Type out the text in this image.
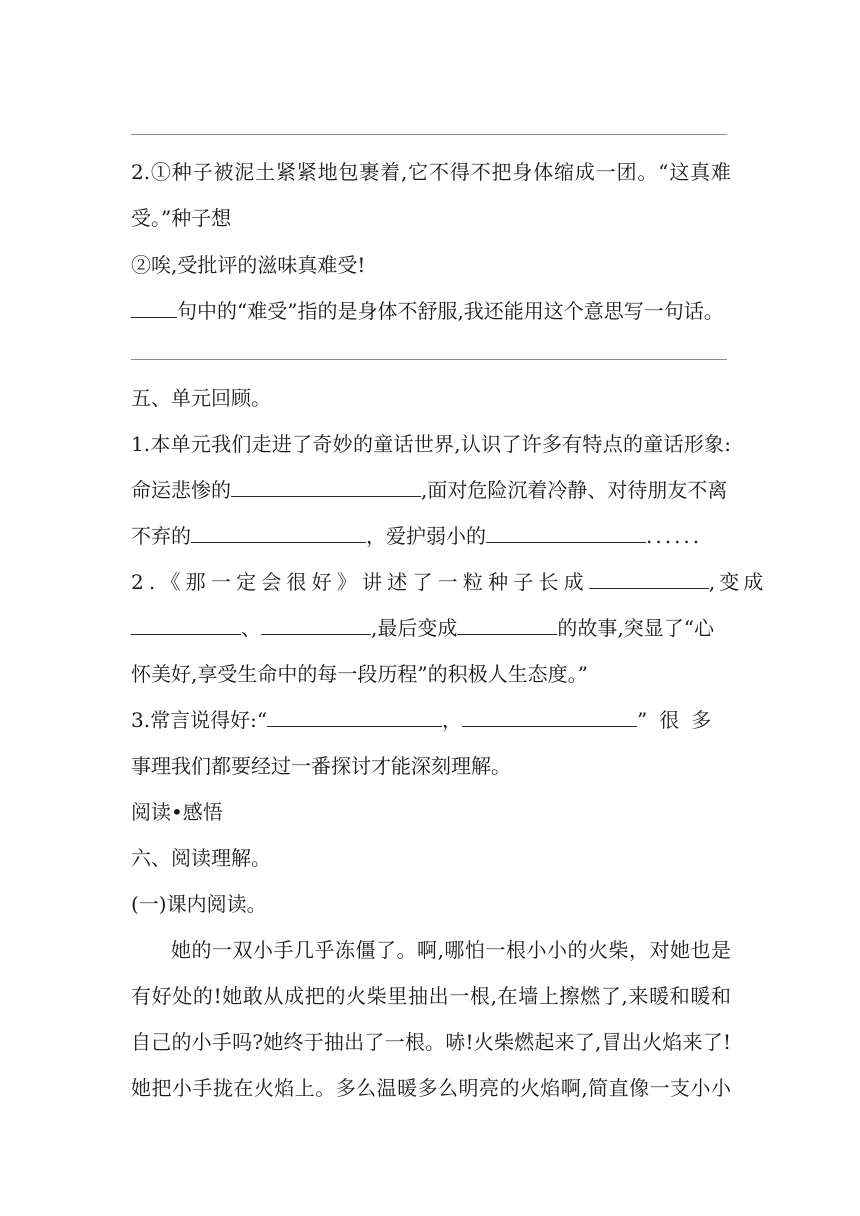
2.①种子被泥土紧紧地包裹着,它不得不把身体缩成一团。“这真难
受。”种子想
②唉,受批评的滋味真难受!
句中的“难受”指的是身体不舒服,我还能用这个意思写一句话。
五、单元回顾。
1.本单元我们走进了奇妙的童话世界,认识了许多有特点的童话形象:
命运悲惨的	,面对危险沉着冷静、对待朋友不离
不弃的	，爱护弱小的	......
2.《那一定会很好》讲述了一粒种子长成	,变成
、	,最后变成	的故事,突显了“心
怀美好,享受生命中的每一段历程”的积极人生态度。”
3.常言说得好:“	，	”很多
事理我们都要经过一番探讨才能深刻理解。
阅读•感悟
六、阅读理解。
(一)课内阅读。
她的一双小手几乎冻僵了。啊,哪怕一根小小的火柴，对她也是
有好处的!她敢从成把的火柴里抽出一根,在墙上擦燃了,来暖和暖和
自己的小手吗?她终于抽出了一根。哧!火柴燃起来了,冒出火焰来了!
她把小手拢在火焰上。多么温暖多么明亮的火焰啊,简直像一支小小
